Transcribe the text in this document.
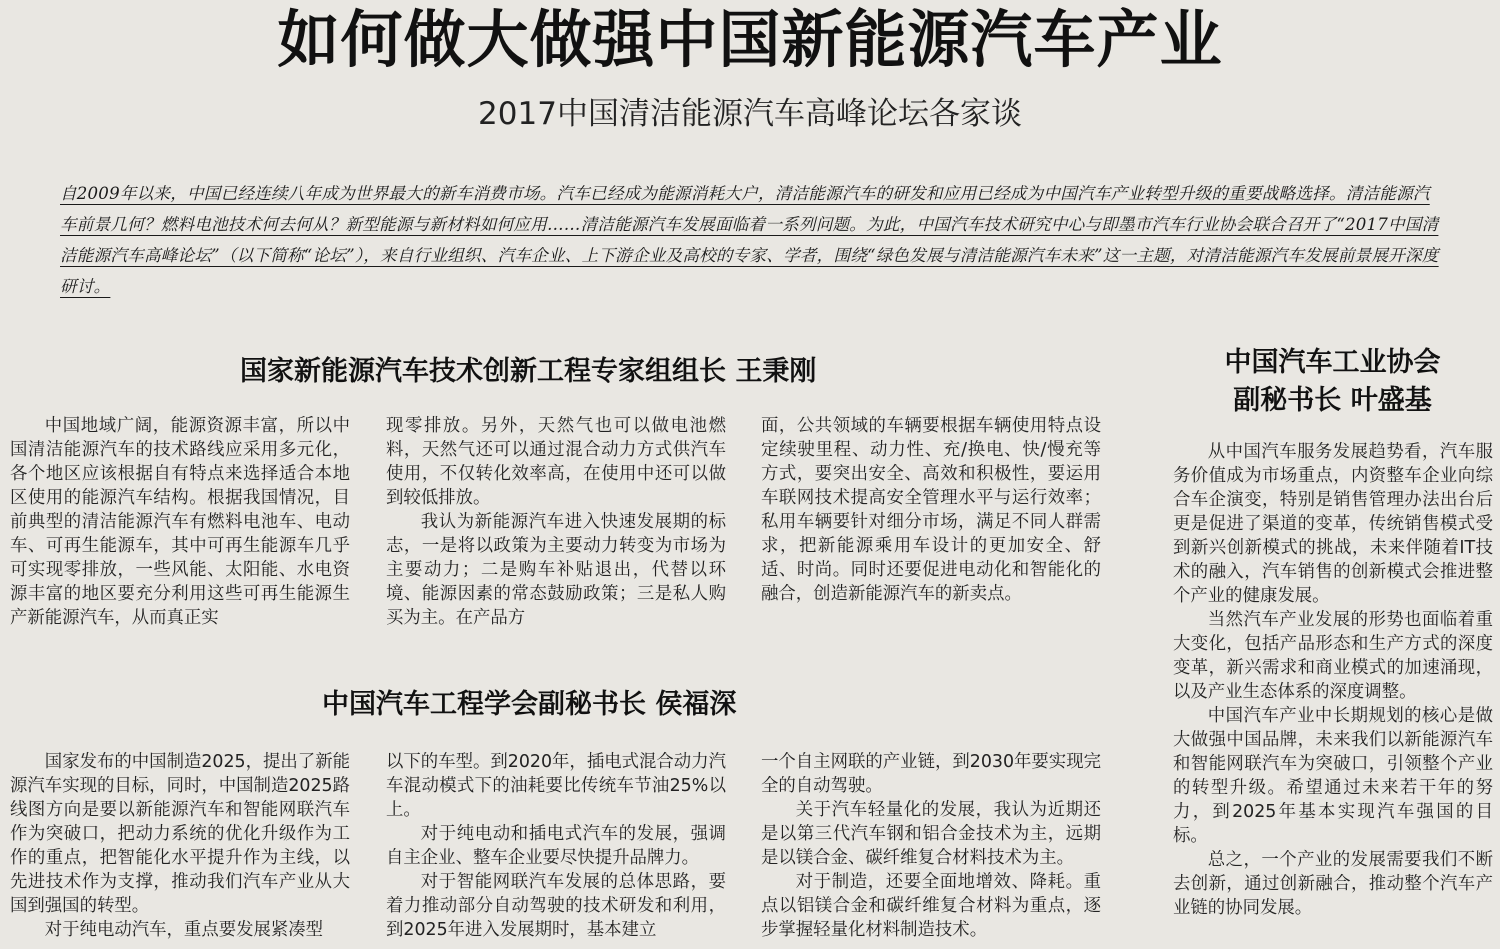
如何做大做强中国新能源汽车产业
2017中国清洁能源汽车高峰论坛各家谈
自2009年以来，中国已经连续八年成为世界最大的新车消费市场。汽车已经成为能源消耗大户，清洁能源汽车的研发和应用已经成为中国汽车产业转型升级的重要战略选择。清洁能源汽车前景几何？燃料电池技术何去何从？新型能源与新材料如何应用……清洁能源汽车发展面临着一系列问题。为此，中国汽车技术研究中心与即墨市汽车行业协会联合召开了“2017中国清洁能源汽车高峰论坛”（以下简称“论坛”），来自行业组织、汽车企业、上下游企业及高校的专家、学者，围绕“绿色发展与清洁能源汽车未来”这一主题，对清洁能源汽车发展前景展开深度研讨。
国家新能源汽车技术创新工程专家组组长 王秉刚

中国地域广阔，能源资源丰富，所以中国清洁能源汽车的技术路线应采用多元化，各个地区应该根据自有特点来选择适合本地区使用的能源汽车结构。根据我国情况，目前典型的清洁能源汽车有燃料电池车、电动车、可再生能源车，其中可再生能源车几乎可实现零排放，一些风能、太阳能、水电资源丰富的地区要充分利用这些可再生能源生产新能源汽车，从而真正实

现零排放。另外，天然气也可以做电池燃料，天然气还可以通过混合动力方式供汽车使用，不仅转化效率高，在使用中还可以做到较低排放。

我认为新能源汽车进入快速发展期的标志，一是将以政策为主要动力转变为市场为主要动力；二是购车补贴退出，代替以环境、能源因素的常态鼓励政策；三是私人购买为主。在产品方

面，公共领域的车辆要根据车辆使用特点设定续驶里程、动力性、充/换电、快/慢充等方式，要突出安全、高效和积极性，要运用车联网技术提高安全管理水平与运行效率；私用车辆要针对细分市场，满足不同人群需求，把新能源乘用车设计的更加安全、舒适、时尚。同时还要促进电动化和智能化的融合，创造新能源汽车的新卖点。

中国汽车工程学会副秘书长 侯福深

国家发布的中国制造2025，提出了新能源汽车实现的目标，同时，中国制造2025路线图方向是要以新能源汽车和智能网联汽车作为突破口，把动力系统的优化升级作为工作的重点，把智能化水平提升作为主线，以先进技术作为支撑，推动我们汽车产业从大国到强国的转型。

对于纯电动汽车，重点要发展紧凑型

以下的车型。到2020年，插电式混合动力汽车混动模式下的油耗要比传统车节油25%以上。

对于纯电动和插电式汽车的发展，强调自主企业、整车企业要尽快提升品牌力。

对于智能网联汽车发展的总体思路，要着力推动部分自动驾驶的技术研发和利用，到2025年进入发展期时，基本建立

一个自主网联的产业链，到2030年要实现完全的自动驾驶。

关于汽车轻量化的发展，我认为近期还是以第三代汽车钢和铝合金技术为主，远期是以镁合金、碳纤维复合材料技术为主。

对于制造，还要全面地增效、降耗。重点以铝镁合金和碳纤维复合材料为重点，逐步掌握轻量化材料制造技术。

中国汽车工业协会
副秘书长 叶盛基

从中国汽车服务发展趋势看，汽车服务价值成为市场重点，内资整车企业向综合车企演变，特别是销售管理办法出台后更是促进了渠道的变革，传统销售模式受到新兴创新模式的挑战，未来伴随着IT技术的融入，汽车销售的创新模式会推进整个产业的健康发展。

当然汽车产业发展的形势也面临着重大变化，包括产品形态和生产方式的深度变革，新兴需求和商业模式的加速涌现，以及产业生态体系的深度调整。

中国汽车产业中长期规划的核心是做大做强中国品牌，未来我们以新能源汽车和智能网联汽车为突破口，引领整个产业的转型升级。希望通过未来若干年的努力，到2025年基本实现汽车强国的目标。

总之，一个产业的发展需要我们不断去创新，通过创新融合，推动整个汽车产业链的协同发展。
